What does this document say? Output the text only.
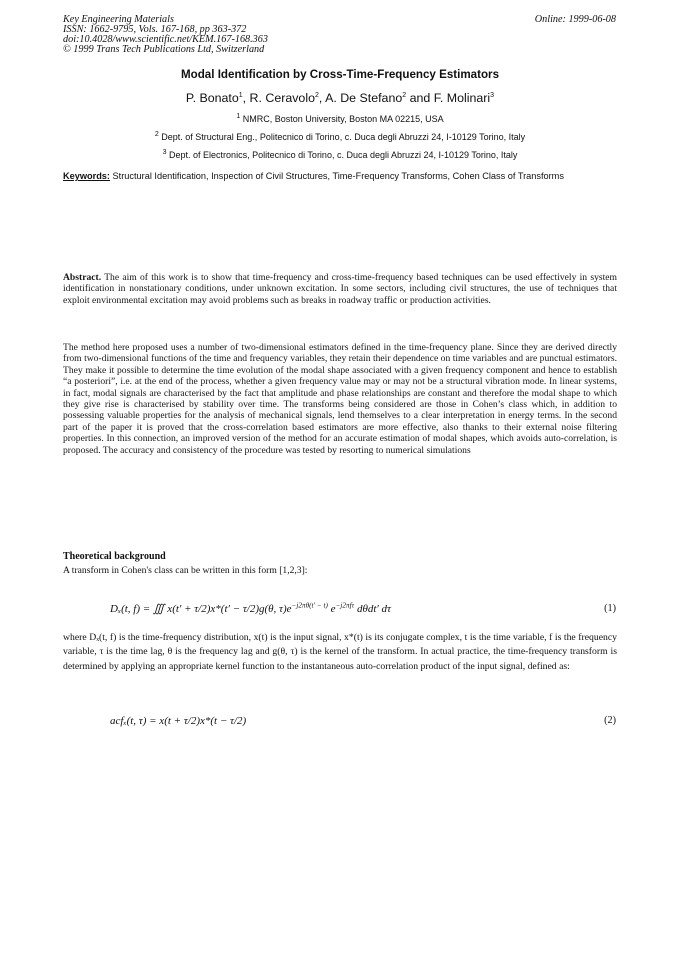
Key Engineering Materials
ISSN: 1662-9795, Vols. 167-168, pp 363-372
doi:10.4028/www.scientific.net/KEM.167-168.363
© 1999 Trans Tech Publications Ltd, Switzerland
Online: 1999-06-08
Modal Identification by Cross-Time-Frequency Estimators
P. Bonato$^1$, R. Ceravolo$^2$, A. De Stefano$^2$ and F. Molinari$^3$
$^1$ NMRC, Boston University, Boston MA 02215, USA
$^2$ Dept. of Structural Eng., Politecnico di Torino, c. Duca degli Abruzzi 24, I-10129 Torino, Italy
$^3$ Dept. of Electronics, Politecnico di Torino, c. Duca degli Abruzzi 24, I-10129 Torino, Italy
Keywords: Structural Identification, Inspection of Civil Structures, Time-Frequency Transforms, Cohen Class of Transforms
Abstract. The aim of this work is to show that time-frequency and cross-time-frequency based techniques can be used effectively in system identification in nonstationary conditions, under unknown excitation. In some sectors, including civil structures, the use of techniques that exploit environmental excitation may avoid problems such as breaks in roadway traffic or production activities.
The method here proposed uses a number of two-dimensional estimators defined in the time-frequency plane. Since they are derived directly from two-dimensional functions of the time and frequency variables, they retain their dependence on time variables and are punctual estimators. They make it possible to determine the time evolution of the modal shape associated with a given frequency component and hence to establish “a posteriori”, i.e. at the end of the process, whether a given frequency value may or may not be a structural vibration mode. In linear systems, in fact, modal signals are characterised by the fact that amplitude and phase relationships are constant and therefore the modal shape to which they give rise is characterised by stability over time. The transforms being considered are those in Cohen’s class which, in addition to possessing valuable properties for the analysis of mechanical signals, lend themselves to a clear interpretation in energy terms. In the second part of the paper it is proved that the cross-correlation based estimators are more effective, also thanks to their external noise filtering properties. In this connection, an improved version of the method for an accurate estimation of modal shapes, which avoids auto-correlation, is proposed. The accuracy and consistency of the procedure was tested by resorting to numerical simulations
Theoretical background
A transform in Cohen's class can be written in this form [1,2,3]:
Dₓ(t, f) = ∭ x(t′ + τ/2)x*(t′ − τ/2)g(θ, $\tau)e^{-j2\pi\theta(t' - t)}$ $e^{-j2\pi f\tau}$ dθdt′ dτ	(1)
where Dₓ(t, f) is the time-frequency distribution, x(t) is the input signal, x*(t) is its conjugate complex, t is the time variable, f is the frequency variable, τ is the time lag, θ is the frequency lag and g(θ, τ) is the kernel of the transform. In actual practice, the time-frequency transform is determined by applying an appropriate kernel function to the instantaneous auto-correlation product of the input signal, defined as:
acfₓ(t, τ) = x(t + τ/2)x*(t − τ/2)	(2)
